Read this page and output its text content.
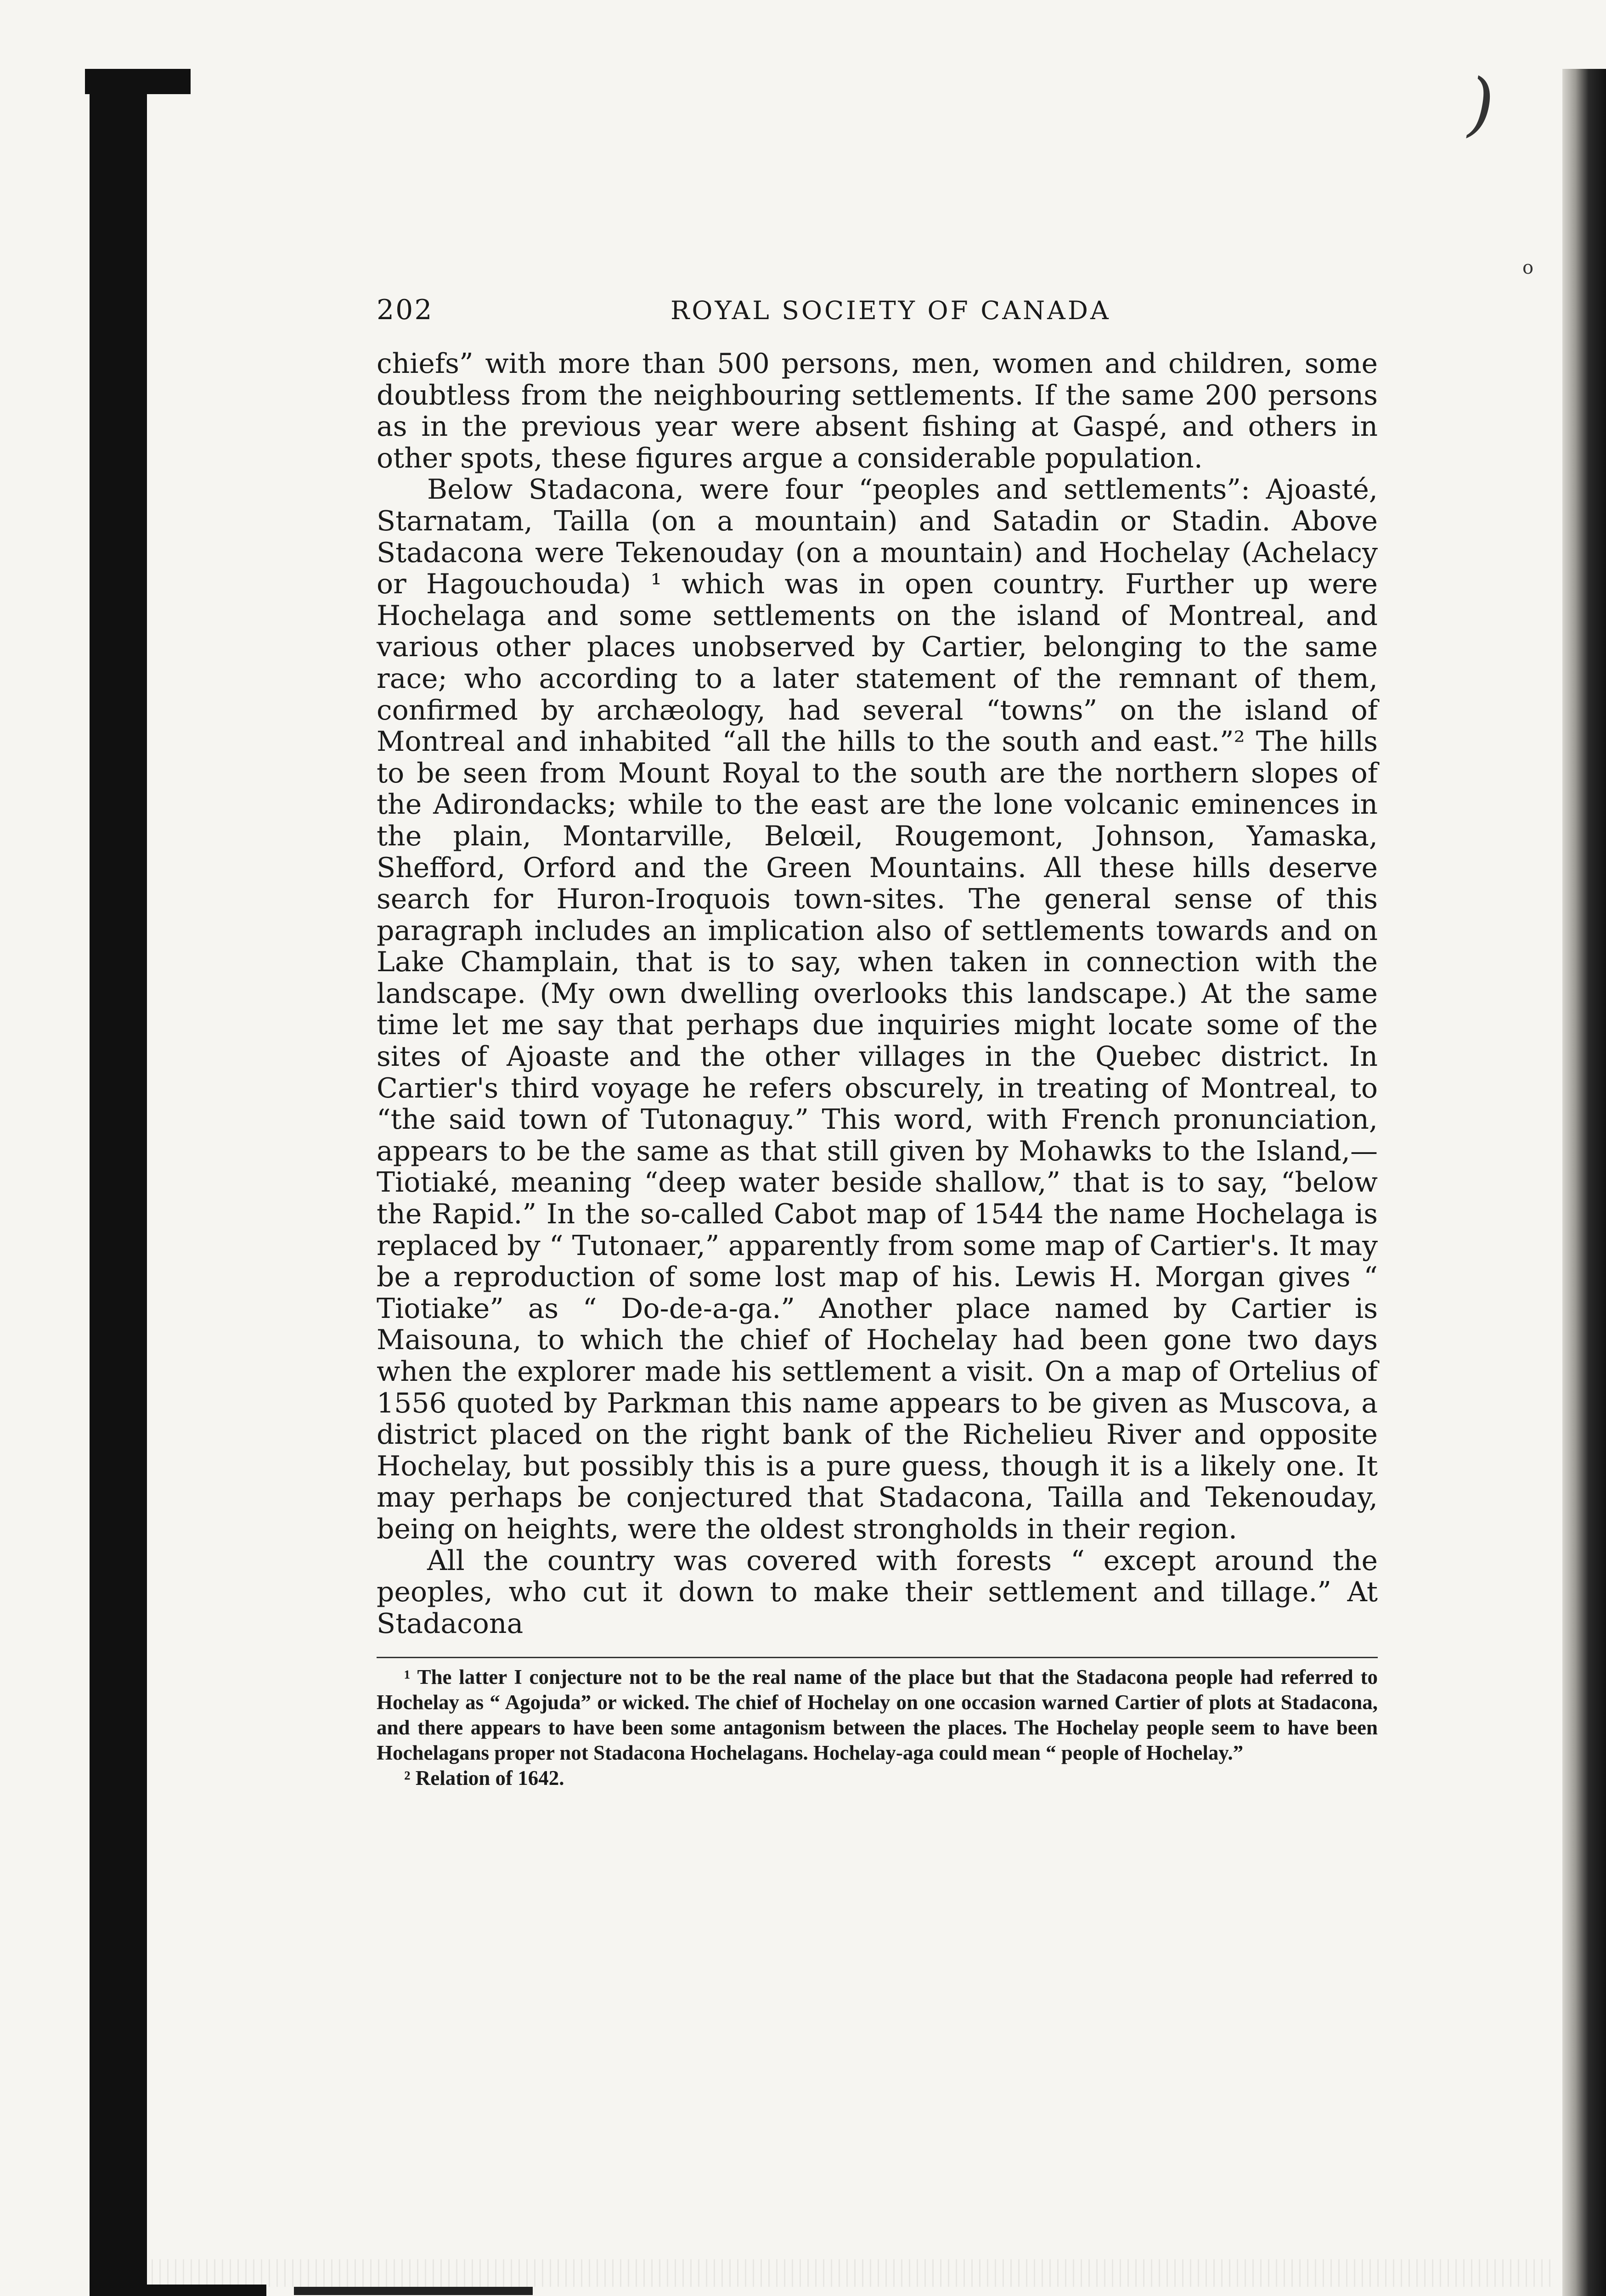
)
o
202	ROYAL SOCIETY OF CANADA

chiefs” with more than 500 persons, men, women and children, some doubtless from the neighbouring settlements. If the same 200 persons as in the previous year were absent fishing at Gaspé, and others in other spots, these figures argue a considerable population.

Below Stadacona, were four “peoples and settlements”: Ajoasté, Starnatam, Tailla (on a mountain) and Satadin or Stadin. Above Stadacona were Tekenouday (on a mountain) and Hochelay (Achelacy or Hagouchouda) ¹ which was in open country. Further up were Hochelaga and some settlements on the island of Montreal, and various other places unobserved by Cartier, belonging to the same race; who according to a later statement of the remnant of them, confirmed by archæology, had several “towns” on the island of Montreal and inhabited “all the hills to the south and east.”² The hills to be seen from Mount Royal to the south are the northern slopes of the Adirondacks; while to the east are the lone volcanic eminences in the plain, Montarville, Belœil, Rougemont, Johnson, Yamaska, Shefford, Orford and the Green Mountains. All these hills deserve search for Huron-Iroquois town-sites. The general sense of this paragraph includes an implication also of settlements towards and on Lake Champlain, that is to say, when taken in connection with the landscape. (My own dwelling overlooks this landscape.) At the same time let me say that perhaps due inquiries might locate some of the sites of Ajoaste and the other villages in the Quebec district. In Cartier's third voyage he refers obscurely, in treating of Montreal, to “the said town of Tutonaguy.” This word, with French pronunciation, appears to be the same as that still given by Mohawks to the Island,—Tiotiaké, meaning “deep water beside shallow,” that is to say, “below the Rapid.” In the so-called Cabot map of 1544 the name Hochelaga is replaced by “ Tutonaer,” apparently from some map of Cartier's. It may be a reproduction of some lost map of his. Lewis H. Morgan gives “ Tiotiake” as “ Do-de-a-ga.” Another place named by Cartier is Maisouna, to which the chief of Hochelay had been gone two days when the explorer made his settlement a visit. On a map of Ortelius of 1556 quoted by Parkman this name appears to be given as Muscova, a district placed on the right bank of the Richelieu River and opposite Hochelay, but possibly this is a pure guess, though it is a likely one. It may perhaps be conjectured that Stadacona, Tailla and Tekenouday, being on heights, were the oldest strongholds in their region.

All the country was covered with forests “ except around the peoples, who cut it down to make their settlement and tillage.” At Stadacona

¹ The latter I conjecture not to be the real name of the place but that the Stadacona people had referred to Hochelay as “ Agojuda” or wicked. The chief of Hochelay on one occasion warned Cartier of plots at Stadacona, and there appears to have been some antagonism between the places. The Hochelay people seem to have been Hochelagans proper not Stadacona Hochelagans. Hochelay-aga could mean “ people of Hochelay.”

² Relation of 1642.
